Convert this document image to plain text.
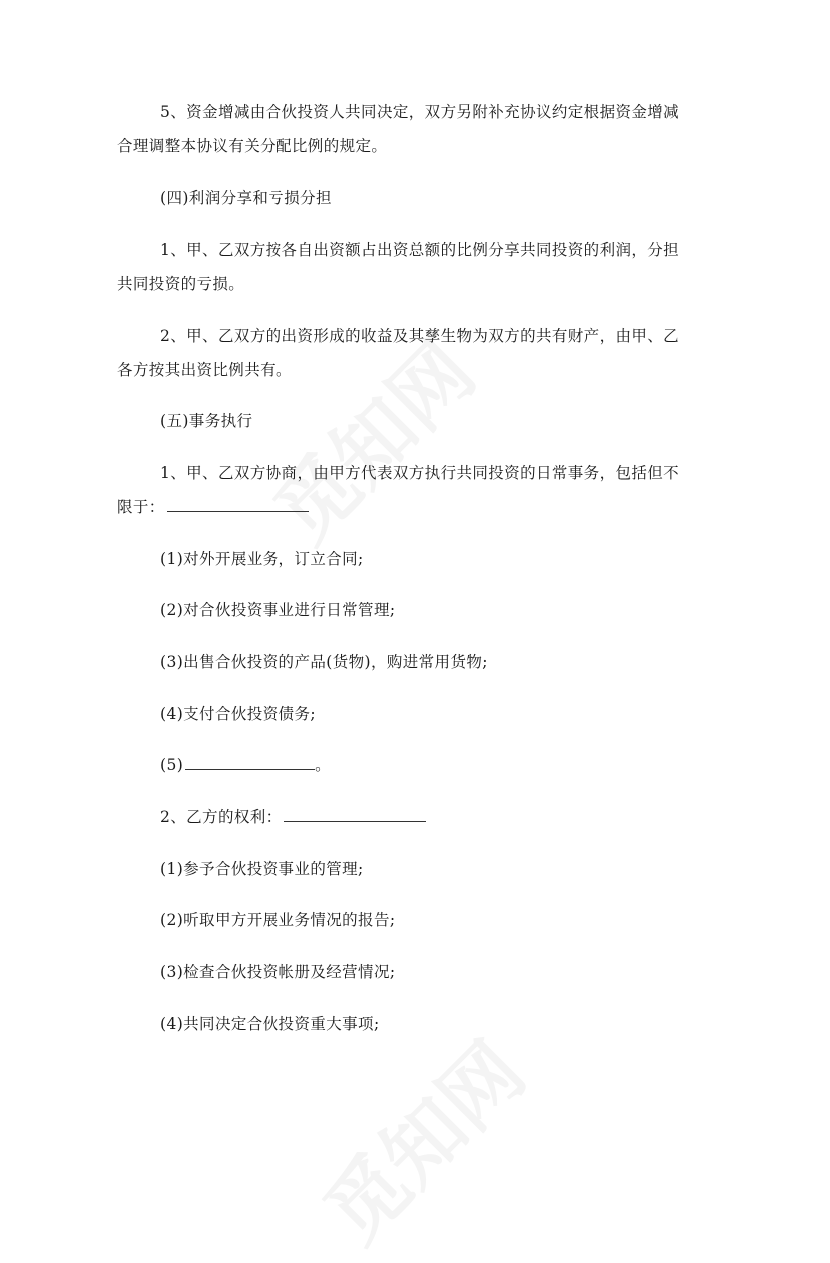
5、资金增减由合伙投资人共同决定，双方另附补充协议约定根据资金增减
合理调整本协议有关分配比例的规定。
(四)利润分享和亏损分担
1、甲、乙双方按各自出资额占出资总额的比例分享共同投资的利润，分担
共同投资的亏损。
2、甲、乙双方的出资形成的收益及其孳生物为双方的共有财产，由甲、乙
各方按其出资比例共有。
(五)事务执行
1、甲、乙双方协商，由甲方代表双方执行共同投资的日常事务，包括但不
限于：
(1)对外开展业务，订立合同;
(2)对合伙投资事业进行日常管理;
(3)出售合伙投资的产品(货物)，购进常用货物;
(4)支付合伙投资债务;
(5)	。
2、乙方的权利：
(1)参予合伙投资事业的管理;
(2)听取甲方开展业务情况的报告;
(3)检查合伙投资帐册及经营情况;
(4)共同决定合伙投资重大事项;
